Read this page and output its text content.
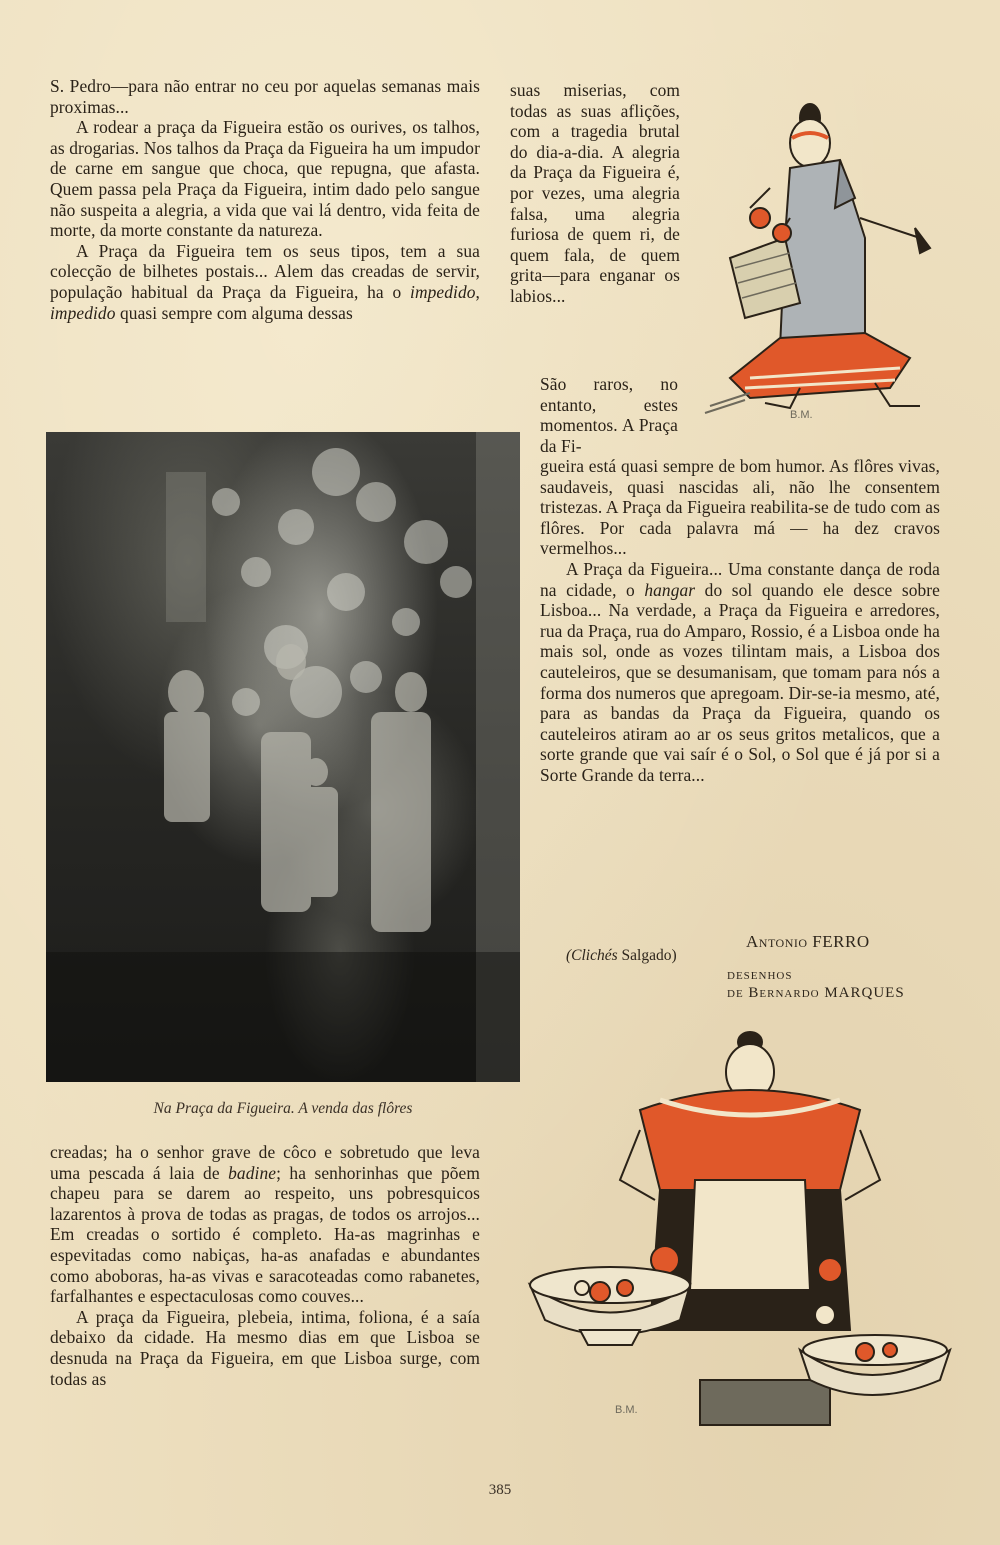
S. Pedro—para não entrar no ceu por aquelas semanas mais proximas...

A rodear a praça da Figueira estão os ourives, os talhos, as drogarias. Nos talhos da Praça da Figueira ha um impudor de carne em sangue que choca, que repugna, que afasta. Quem passa pela Praça da Figueira, intim dado pelo sangue não suspeita a alegria, a vida que vai lá dentro, vida feita de morte, da morte constante da natureza.

A Praça da Figueira tem os seus tipos, tem a sua colecção de bilhetes postais... Alem das creadas de servir, população habitual da Praça da Figueira, ha o impedido, impedido quasi sempre com alguma dessas

Na Praça da Figueira. A venda das flôres

creadas; ha o senhor grave de côco e sobretudo que leva uma pescada á laia de badine; ha senhorinhas que põem chapeu para se darem ao respeito, uns pobresquicos lazarentos à prova de todas as pragas, de todos os arrojos... Em creadas o sortido é completo. Ha-as magrinhas e espevitadas como nabiças, ha-as anafadas e abundantes como aboboras, ha-as vivas e saracoteadas como rabanetes, farfalhantes e espectaculosas como couves...

A praça da Figueira, plebeia, intima, foliona, é a saía debaixo da cidade. Ha mesmo dias em que Lisboa se desnuda na Praça da Figueira, em que Lisboa surge, com todas as

suas miserias, com todas as suas aflições, com a tragedia brutal do dia-a-dia. A alegria da Praça da Figueira é, por vezes, uma alegria falsa, uma alegria furiosa de quem ri, de quem fala, de quem grita—para enganar os labios...

São raros, no entanto, estes momentos. A Praça da Fi-

gueira está quasi sempre de bom humor. As flôres vivas, saudaveis, quasi nascidas ali, não lhe consentem tristezas. A Praça da Figueira reabilita-se de tudo com as flôres. Por cada palavra má — ha dez cravos vermelhos...

A Praça da Figueira... Uma constante dança de roda na cidade, o hangar do sol quando ele desce sobre Lisboa... Na verdade, a Praça da Figueira e arredores, rua da Praça, rua do Amparo, Rossio, é a Lisboa onde ha mais sol, onde as vozes tilintam mais, a Lisboa dos cauteleiros, que se desumanisam, que tomam para nós a forma dos numeros que apregoam. Dir-se-ia mesmo, até, para as bandas da Praça da Figueira, quando os cauteleiros atiram ao ar os seus gritos metalicos, que a sorte grande que vai saír é o Sol, o Sol que é já por si a Sorte Grande da terra...

Antonio FERRO
(Clichés Salgado)
DESENHOS
de Bernardo MARQUES
B.M.
B.M.
385
